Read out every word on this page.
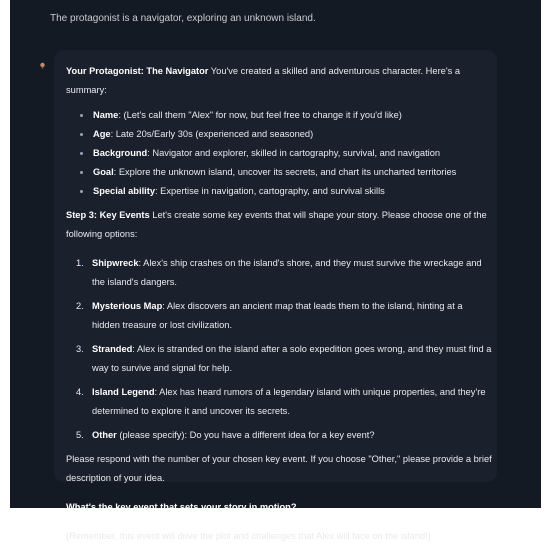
The protagonist is a navigator, exploring an unknown island.

Your Protagonist: The Navigator You've created a skilled and adventurous character. Here's a summary:

Name: (Let's call them "Alex" for now, but feel free to change it if you'd like)
Age: Late 20s/Early 30s (experienced and seasoned)
Background: Navigator and explorer, skilled in cartography, survival, and navigation
Goal: Explore the unknown island, uncover its secrets, and chart its uncharted territories
Special ability: Expertise in navigation, cartography, and survival skills

Step 3: Key Events Let's create some key events that will shape your story. Please choose one of the following options:

1. Shipwreck: Alex's ship crashes on the island's shore, and they must survive the wreckage and the island's dangers.
2. Mysterious Map: Alex discovers an ancient map that leads them to the island, hinting at a hidden treasure or lost civilization.
3. Stranded: Alex is stranded on the island after a solo expedition goes wrong, and they must find a way to survive and signal for help.
4. Island Legend: Alex has heard rumors of a legendary island with unique properties, and they're determined to explore it and uncover its secrets.
5. Other (please specify): Do you have a different idea for a key event?

Please respond with the number of your chosen key event. If you choose "Other," please provide a brief description of your idea.

What's the key event that sets your story in motion?

(Remember, this event will drive the plot and challenges that Alex will face on the island!)
